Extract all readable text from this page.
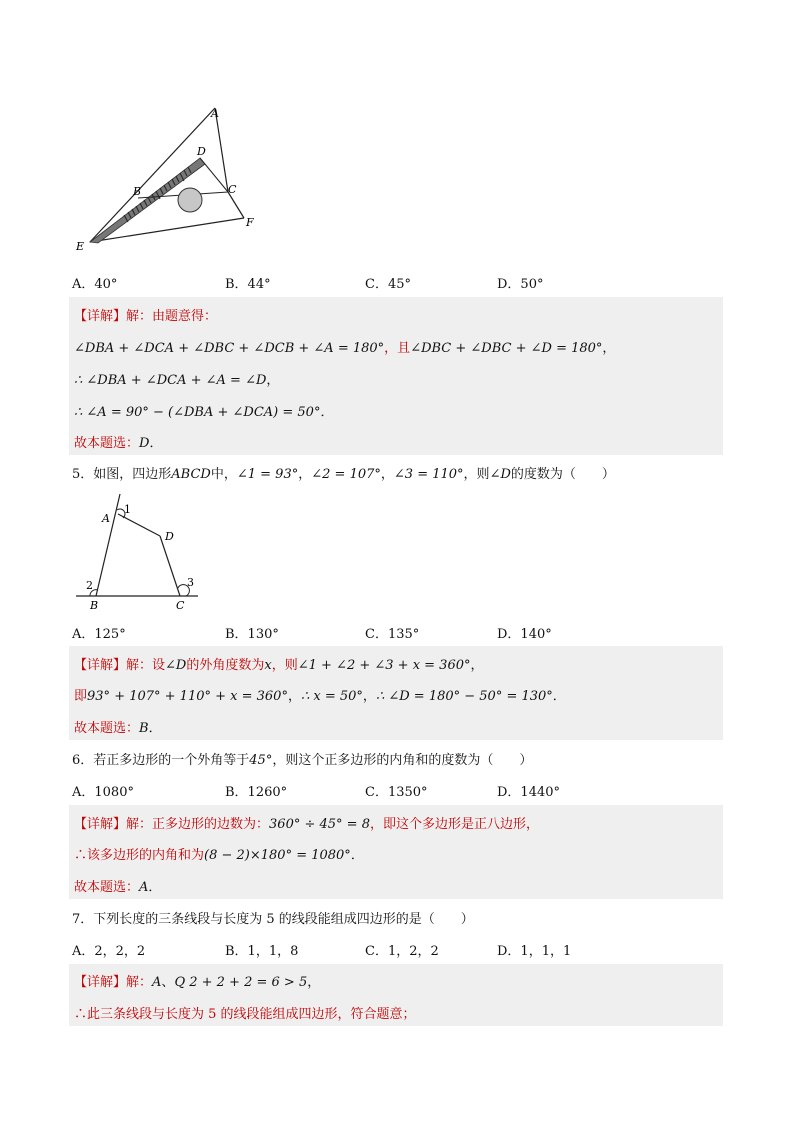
A
D
B	C
F
E
A．40°	B．44°	C．45°	D．50°
【详解】解：由题意得：
∠DBA + ∠DCA + ∠DBC + ∠DCB + ∠A = 180°，且∠DBC + ∠DBC + ∠D = 180°，
∴ ∠DBA + ∠DCA + ∠A = ∠D，
∴ ∠A = 90° − (∠DBA + ∠DCA) = 50°．
故本题选：D．
5．如图，四边形ABCD中，∠1 = 93°，∠2 = 107°，∠3 = 110°，则∠D的度数为（　　）
A
1
D
2	3
B	C
A．125°	B．130°	C．135°	D．140°
【详解】解：设∠D的外角度数为x，则∠1 + ∠2 + ∠3 + x = 360°，
即93° + 107° + 110° + x = 360°，∴ x = 50°，∴ ∠D = 180° − 50° = 130°．
故本题选：B．
6．若正多边形的一个外角等于45°，则这个正多边形的内角和的度数为（　　）
A．1080°	B．1260°	C．1350°	D．1440°
【详解】解：正多边形的边数为：360° ÷ 45° = 8，即这个多边形是正八边形，
∴该多边形的内角和为(8 − 2)×180° = 1080°．
故本题选：A．
7．下列长度的三条线段与长度为 5 的线段能组成四边形的是（　　）
A．2，2，2	B．1，1，8	C．1，2，2	D．1，1，1
【详解】解：A、Q 2 + 2 + 2 = 6 > 5，
∴此三条线段与长度为 5 的线段能组成四边形，符合题意；
